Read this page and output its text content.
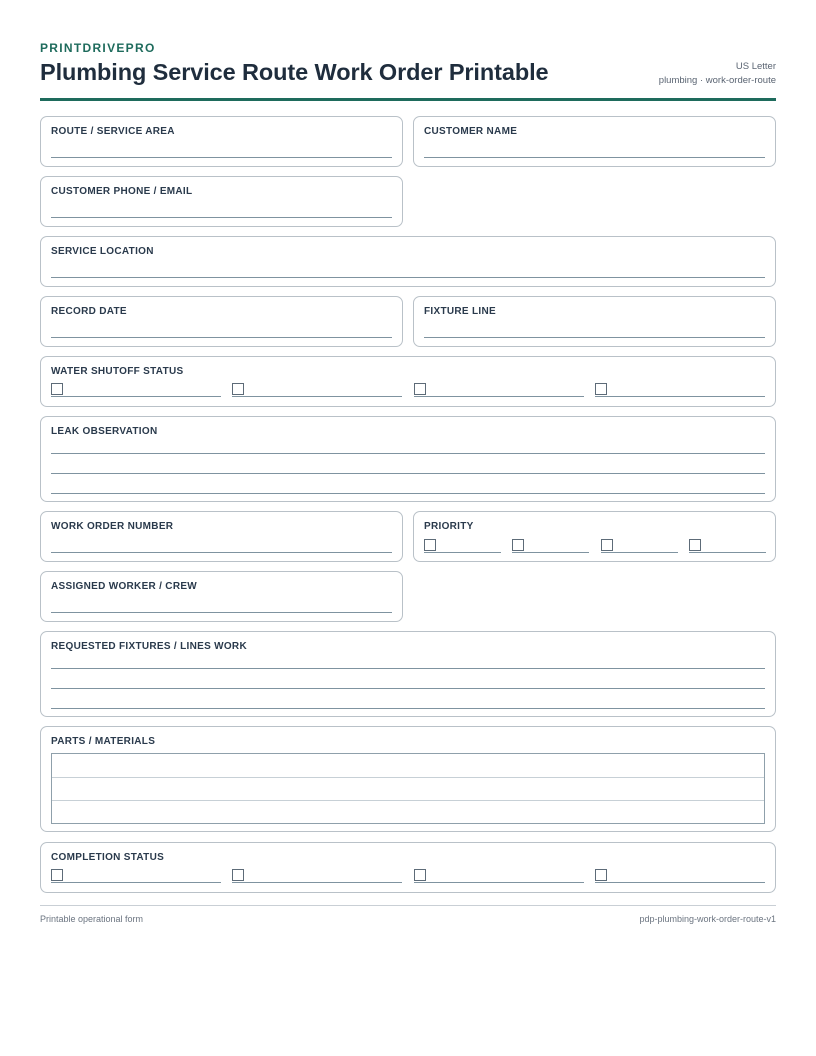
PRINTDRIVEPRO
Plumbing Service Route Work Order Printable	US Letter
plumbing · work-order-route
ROUTE / SERVICE AREA	CUSTOMER NAME
CUSTOMER PHONE / EMAIL
SERVICE LOCATION
RECORD DATE	FIXTURE LINE
WATER SHUTOFF STATUS
LEAK OBSERVATION
WORK ORDER NUMBER	PRIORITY
ASSIGNED WORKER / CREW
REQUESTED FIXTURES / LINES WORK
PARTS / MATERIALS
COMPLETION STATUS
Printable operational form	pdp-plumbing-work-order-route-v1
